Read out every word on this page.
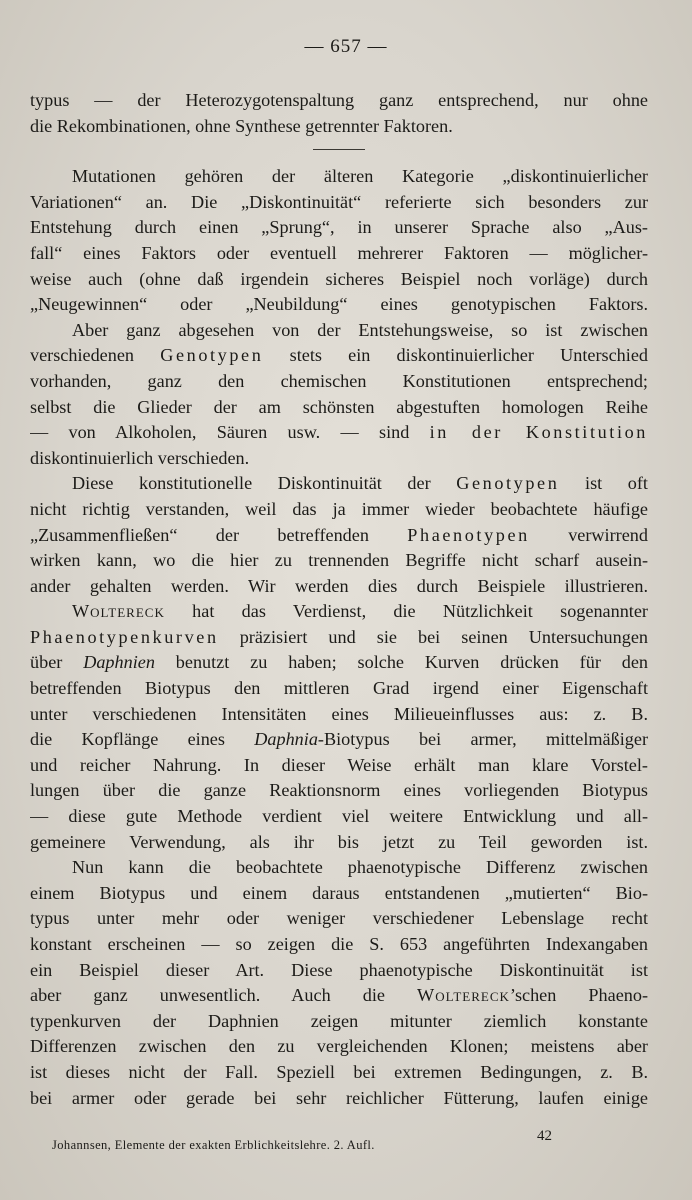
— 657 —
typus — der Heterozygotenspaltung ganz entsprechend, nur ohne
die Rekombinationen, ohne Synthese getrennter Faktoren.
Mutationen gehören der älteren Kategorie „diskontinuierlicher
Variationen“ an. Die „Diskontinuität“ referierte sich besonders zur
Entstehung durch einen „Sprung“, in unserer Sprache also „Aus-
fall“ eines Faktors oder eventuell mehrerer Faktoren — möglicher-
weise auch (ohne daß irgendein sicheres Beispiel noch vorläge) durch
„Neugewinnen“ oder „Neubildung“ eines genotypischen Faktors.
Aber ganz abgesehen von der Entstehungsweise, so ist zwischen
verschiedenen Genotypen stets ein diskontinuierlicher Unterschied
vorhanden, ganz den chemischen Konstitutionen entsprechend;
selbst die Glieder der am schönsten abgestuften homologen Reihe
— von Alkoholen, Säuren usw. — sind in der Konstitution
diskontinuierlich verschieden.
Diese konstitutionelle Diskontinuität der Genotypen ist oft
nicht richtig verstanden, weil das ja immer wieder beobachtete häufige
„Zusammenfließen“ der betreffenden Phaenotypen verwirrend
wirken kann, wo die hier zu trennenden Begriffe nicht scharf ausein-
ander gehalten werden. Wir werden dies durch Beispiele illustrieren.
Woltereck hat das Verdienst, die Nützlichkeit sogenannter
Phaenotypenkurven präzisiert und sie bei seinen Untersuchungen
über Daphnien benutzt zu haben; solche Kurven drücken für den
betreffenden Biotypus den mittleren Grad irgend einer Eigenschaft
unter verschiedenen Intensitäten eines Milieueinflusses aus: z. B.
die Kopflänge eines Daphnia-Biotypus bei armer, mittelmäßiger
und reicher Nahrung. In dieser Weise erhält man klare Vorstel-
lungen über die ganze Reaktionsnorm eines vorliegenden Biotypus
— diese gute Methode verdient viel weitere Entwicklung und all-
gemeinere Verwendung, als ihr bis jetzt zu Teil geworden ist.
Nun kann die beobachtete phaenotypische Differenz zwischen
einem Biotypus und einem daraus entstandenen „mutierten“ Bio-
typus unter mehr oder weniger verschiedener Lebenslage recht
konstant erscheinen — so zeigen die S. 653 angeführten Indexangaben
ein Beispiel dieser Art. Diese phaenotypische Diskontinuität ist
aber ganz unwesentlich. Auch die Woltereck’schen Phaeno-
typenkurven der Daphnien zeigen mitunter ziemlich konstante
Differenzen zwischen den zu vergleichenden Klonen; meistens aber
ist dieses nicht der Fall. Speziell bei extremen Bedingungen, z. B.
bei armer oder gerade bei sehr reichlicher Fütterung, laufen einige
Johannsen, Elemente der exakten Erblichkeitslehre. 2. Aufl.
42
